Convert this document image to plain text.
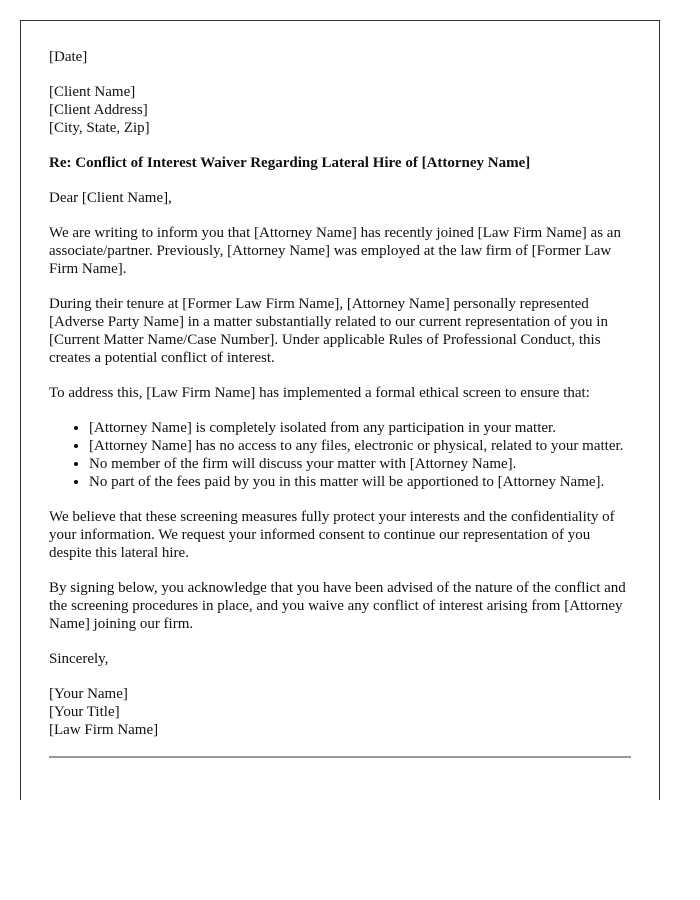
[Date]

[Client Name]

[Client Address]

[City, State, Zip]

Re: Conflict of Interest Waiver Regarding Lateral Hire of [Attorney Name]

Dear [Client Name],

We are writing to inform you that [Attorney Name] has recently joined [Law Firm Name] as an associate/partner. Previously, [Attorney Name] was employed at the law firm of [Former Law Firm Name].

During their tenure at [Former Law Firm Name], [Attorney Name] personally represented [Adverse Party Name] in a matter substantially related to our current representation of you in [Current Matter Name/Case Number]. Under applicable Rules of Professional Conduct, this creates a potential conflict of interest.

To address this, [Law Firm Name] has implemented a formal ethical screen to ensure that:

• [Attorney Name] is completely isolated from any participation in your matter.
• [Attorney Name] has no access to any files, electronic or physical, related to your matter.
• No member of the firm will discuss your matter with [Attorney Name].
• No part of the fees paid by you in this matter will be apportioned to [Attorney Name].

We believe that these screening measures fully protect your interests and the confidentiality of your information. We request your informed consent to continue our representation of you despite this lateral hire.

By signing below, you acknowledge that you have been advised of the nature of the conflict and the screening procedures in place, and you waive any conflict of interest arising from [Attorney Name] joining our firm.

Sincerely,

[Your Name]

[Your Title]

[Law Firm Name]
